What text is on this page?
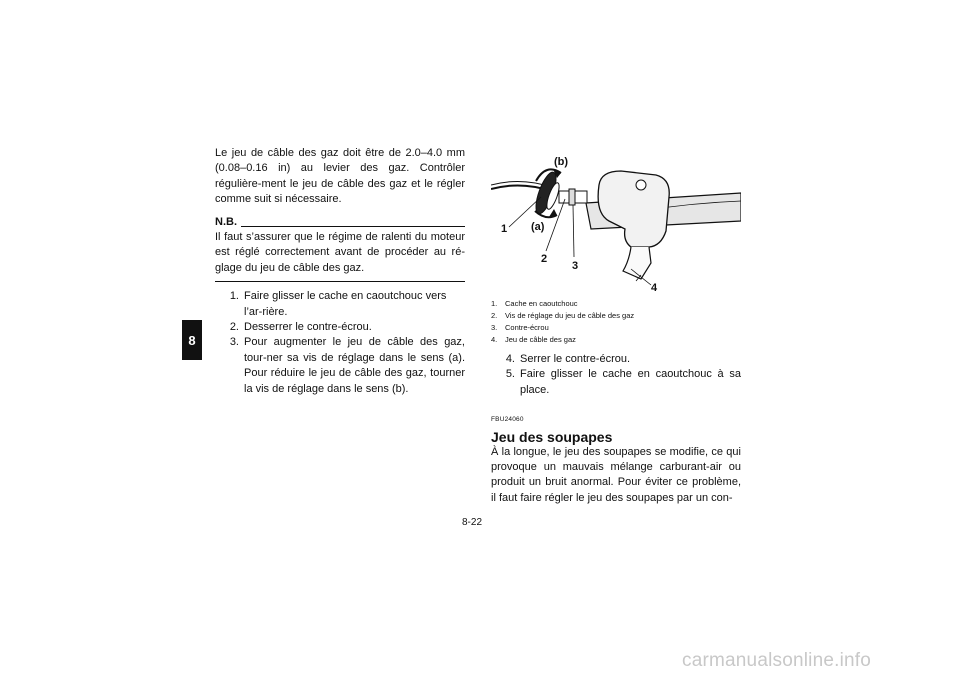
8
Le jeu de câble des gaz doit être de 2.0–4.0 mm (0.08–0.16 in) au levier des gaz. Contrôler régulière-ment le jeu de câble des gaz et le régler comme suit si nécessaire.
N.B.
Il faut s’assurer que le régime de ralenti du moteur est réglé correctement avant de procéder au ré-glage du jeu de câble des gaz.
1. Faire glisser le cache en caoutchouc vers l’ar-rière.
2. Desserrer le contre-écrou.
3. Pour augmenter le jeu de câble des gaz, tour-ner sa vis de réglage dans le sens (a). Pour réduire le jeu de câble des gaz, tourner la vis de réglage dans le sens (b).
1
2
3
4
(a)
(b)
1.	Cache en caoutchouc
2.	Vis de réglage du jeu de câble des gaz
3.	Contre-écrou
4.	Jeu de câble des gaz
4. Serrer le contre-écrou.
5. Faire glisser le cache en caoutchouc à sa place.
FBU24060
Jeu des soupapes
À la longue, le jeu des soupapes se modifie, ce qui provoque un mauvais mélange carburant-air ou produit un bruit anormal. Pour éviter ce problème, il faut faire régler le jeu des soupapes par un con-
8-22
carmanualsonline.info
